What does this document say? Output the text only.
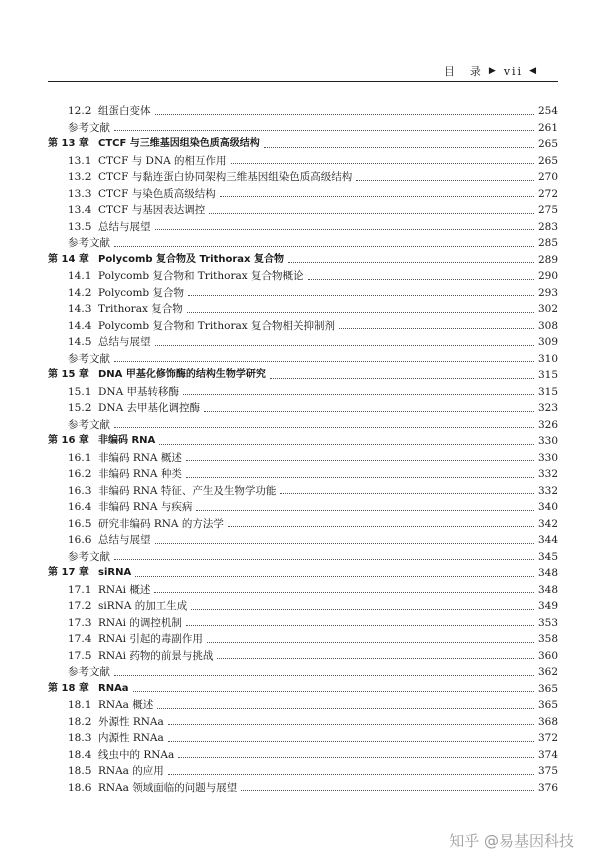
目　录 ▶ vii ◀
12.2 组蛋白变体	254
参考文献	261
第 13 章 CTCF 与三维基因组染色质高级结构	265
13.1 CTCF 与 DNA 的相互作用	265
13.2 CTCF 与黏连蛋白协同架构三维基因组染色质高级结构	270
13.3 CTCF 与染色质高级结构	272
13.4 CTCF 与基因表达调控	275
13.5 总结与展望	283
参考文献	285
第 14 章 Polycomb 复合物及 Trithorax 复合物	289
14.1 Polycomb 复合物和 Trithorax 复合物概论	290
14.2 Polycomb 复合物	293
14.3 Trithorax 复合物	302
14.4 Polycomb 复合物和 Trithorax 复合物相关抑制剂	308
14.5 总结与展望	309
参考文献	310
第 15 章 DNA 甲基化修饰酶的结构生物学研究	315
15.1 DNA 甲基转移酶	315
15.2 DNA 去甲基化调控酶	323
参考文献	326
第 16 章 非编码 RNA	330
16.1 非编码 RNA 概述	330
16.2 非编码 RNA 种类	332
16.3 非编码 RNA 特征、产生及生物学功能	332
16.4 非编码 RNA 与疾病	340
16.5 研究非编码 RNA 的方法学	342
16.6 总结与展望	344
参考文献	345
第 17 章 siRNA	348
17.1 RNAi 概述	348
17.2 siRNA 的加工生成	349
17.3 RNAi 的调控机制	353
17.4 RNAi 引起的毒副作用	358
17.5 RNAi 药物的前景与挑战	360
参考文献	362
第 18 章 RNAa	365
18.1 RNAa 概述	365
18.2 外源性 RNAa	368
18.3 内源性 RNAa	372
18.4 线虫中的 RNAa	374
18.5 RNAa 的应用	375
18.6 RNAa 领域面临的问题与展望	376
知乎 @易基因科技
